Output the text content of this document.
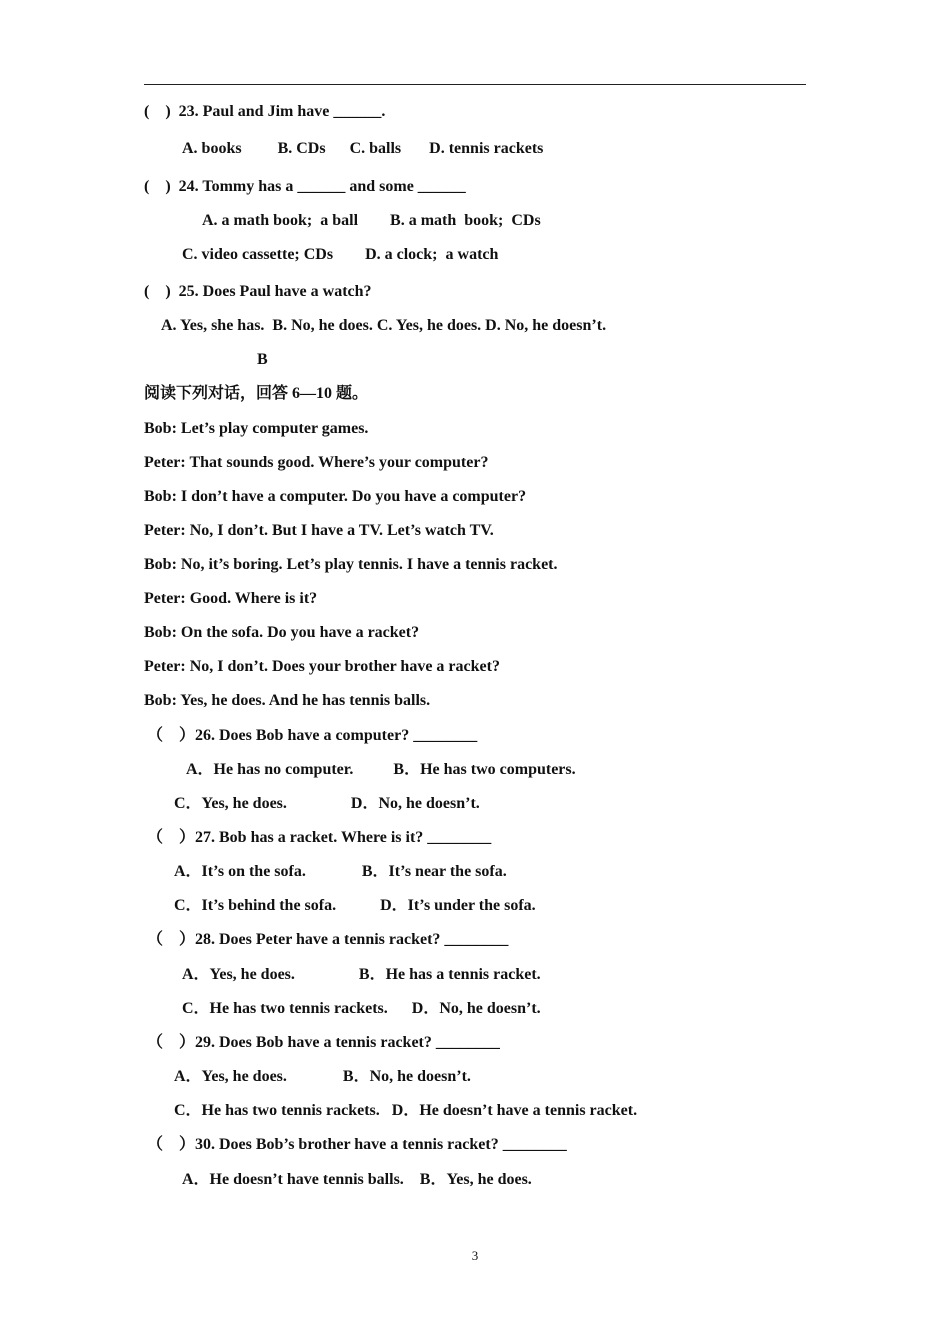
(    )  23. Paul and Jim have ______.
A. books         B. CDs      C. balls       D. tennis rackets
(    )  24. Tommy has a ______ and some ______
A. a math book;  a ball        B. a math  book;  CDs
C. video cassette; CDs        D. a clock;  a watch
(    )  25. Does Paul have a watch?
A. Yes, she has.  B. No, he does. C. Yes, he does. D. No, he doesn’t.
B
阅读下列对话，回答 6—10 题。
Bob: Let’s play computer games.
Peter: That sounds good. Where’s your computer?
Bob: I don’t have a computer. Do you have a computer?
Peter: No, I don’t. But I have a TV. Let’s watch TV.
Bob: No, it’s boring. Let’s play tennis. I have a tennis racket.
Peter: Good. Where is it?
Bob: On the sofa. Do you have a racket?
Peter: No, I don’t. Does your brother have a racket?
Bob: Yes, he does. And he has tennis balls.
（    ）26. Does Bob have a computer? ________
A．He has no computer.          B．He has two computers.
C．Yes, he does.                D．No, he doesn’t.
（    ）27. Bob has a racket. Where is it? ________
A．It’s on the sofa.              B．It’s near the sofa.
C．It’s behind the sofa.           D．It’s under the sofa.
（    ）28. Does Peter have a tennis racket? ________
A．Yes, he does.                B．He has a tennis racket.
C．He has two tennis rackets.      D．No, he doesn’t.
（    ）29. Does Bob have a tennis racket? ________
A．Yes, he does.              B．No, he doesn’t.
C．He has two tennis rackets.   D．He doesn’t have a tennis racket.
（    ）30. Does Bob’s brother have a tennis racket? ________
A．He doesn’t have tennis balls.    B．Yes, he does.
3
